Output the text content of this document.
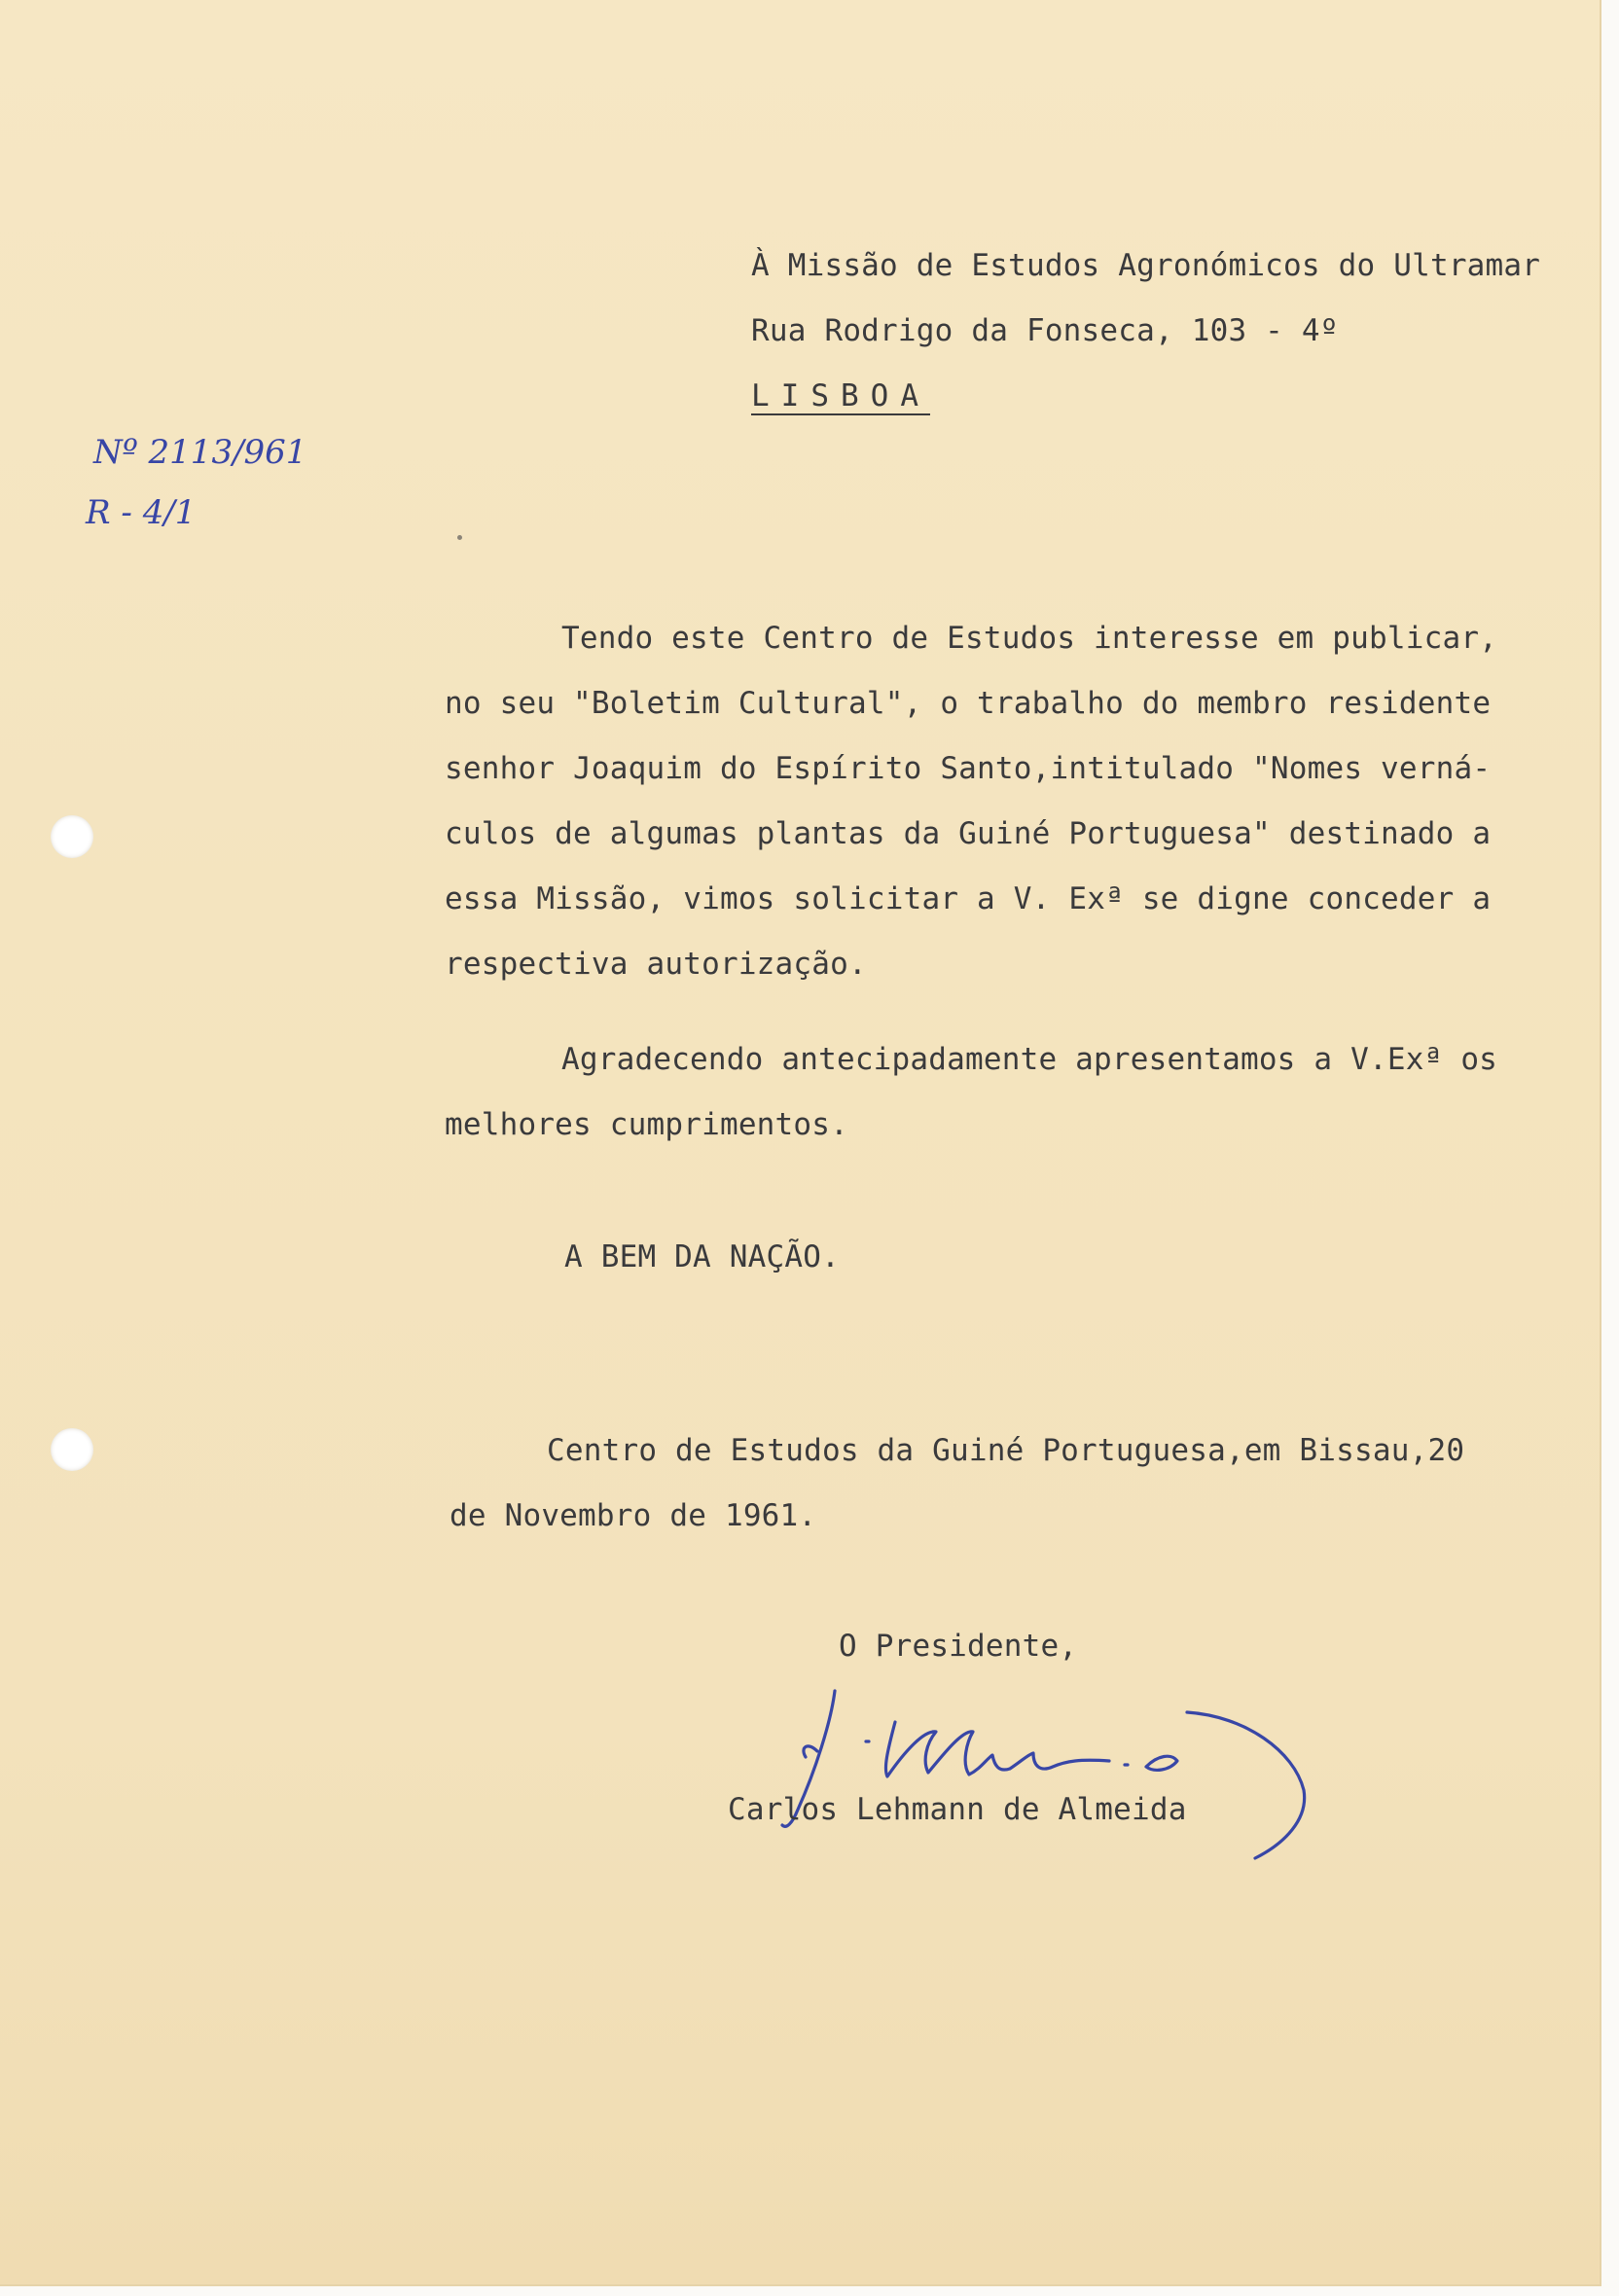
À Missão de Estudos Agronómicos do Ultramar

Rua Rodrigo da Fonseca, 103 - 4º

LISBOA

Nº 2113/961

R - 4/1

Tendo este Centro de Estudos interesse em publicar,

no seu "Boletim Cultural", o trabalho do membro residente

senhor Joaquim do Espírito Santo,intitulado "Nomes verná-

culos de algumas plantas da Guiné Portuguesa" destinado a

essa Missão, vimos solicitar a V. Exª se digne conceder a

respectiva autorização.

Agradecendo antecipadamente apresentamos a V.Exª os

melhores cumprimentos.

A BEM DA NAÇÃO.

Centro de Estudos da Guiné Portuguesa,em Bissau,20

de Novembro de 1961.

O Presidente,

Carlos Lehmann de Almeida
